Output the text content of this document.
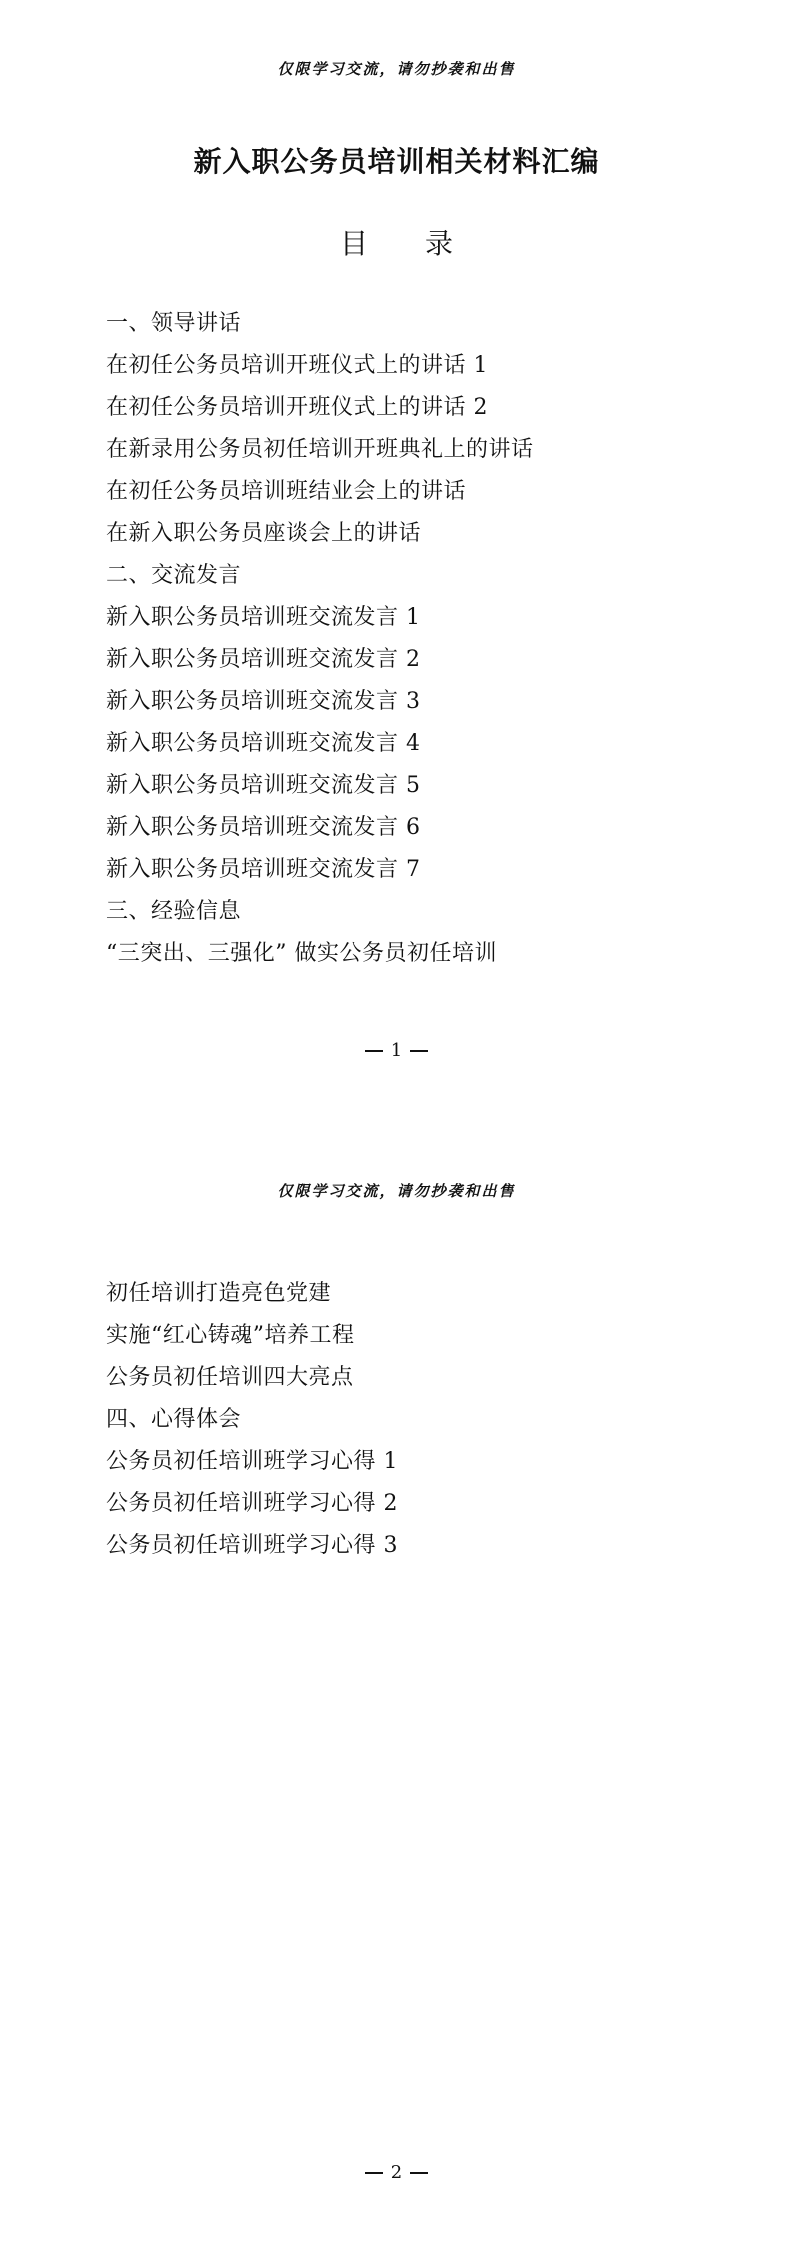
仅限学习交流，请勿抄袭和出售
新入职公务员培训相关材料汇编
目 录
一、领导讲话
在初任公务员培训开班仪式上的讲话 1
在初任公务员培训开班仪式上的讲话 2
在新录用公务员初任培训开班典礼上的讲话
在初任公务员培训班结业会上的讲话
在新入职公务员座谈会上的讲话
二、交流发言
新入职公务员培训班交流发言 1
新入职公务员培训班交流发言 2
新入职公务员培训班交流发言 3
新入职公务员培训班交流发言 4
新入职公务员培训班交流发言 5
新入职公务员培训班交流发言 6
新入职公务员培训班交流发言 7
三、经验信息
“三突出、三强化” 做实公务员初任培训
1
仅限学习交流，请勿抄袭和出售
初任培训打造亮色党建
实施“红心铸魂”培养工程
公务员初任培训四大亮点
四、心得体会
公务员初任培训班学习心得 1
公务员初任培训班学习心得 2
公务员初任培训班学习心得 3
2
